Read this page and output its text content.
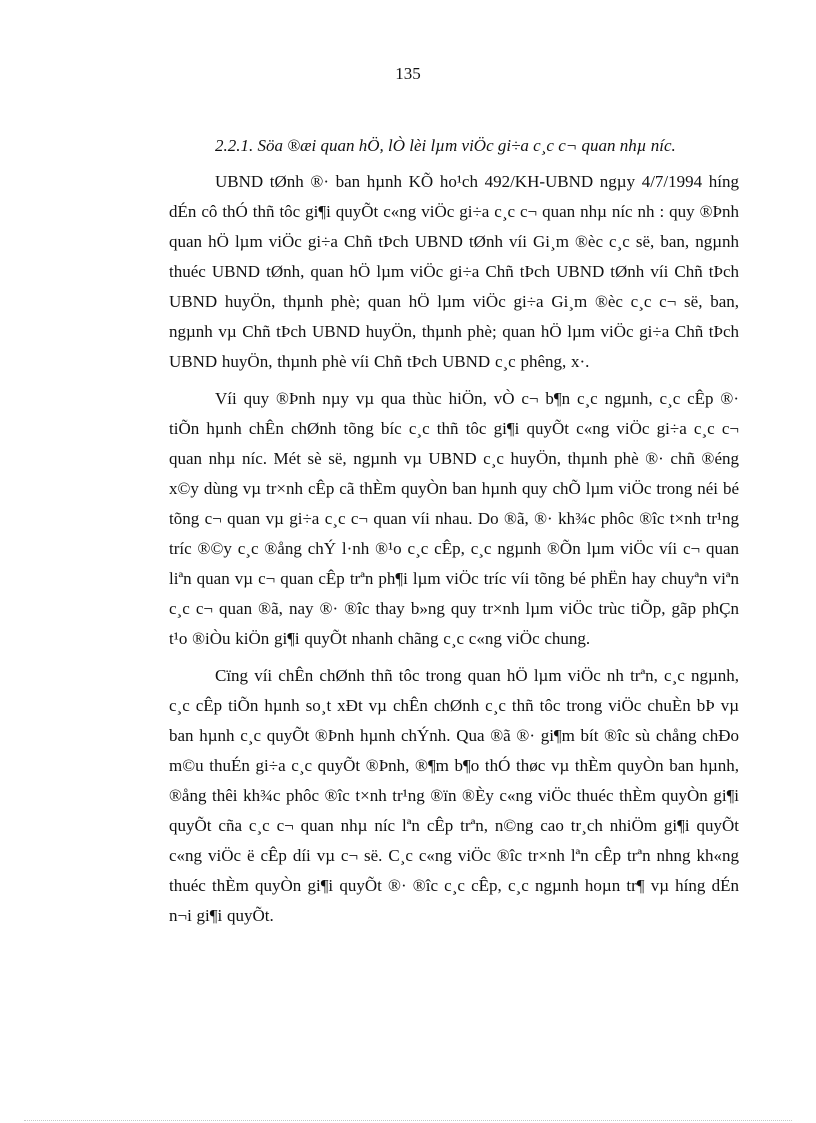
135

2.2.1. Söa ®æi quan hÖ, lÒ lèi lµm viÖc gi÷a c¸c c¬ quan nhµ níc.

UBND tØnh ®· ban hµnh KÕ ho¹ch 492/KH-UBND ngµy 4/7/1994 híng dÉn cô thÓ thñ tôc gi¶i quyÕt c«ng viÖc gi÷a c¸c c¬ quan nhµ níc nh : quy ®Þnh quan hÖ lµm viÖc gi÷a Chñ tÞch UBND tØnh víi Gi¸m ®èc c¸c së, ban, ngµnh thuéc UBND tØnh, quan hÖ lµm viÖc gi÷a Chñ tÞch UBND tØnh víi Chñ tÞch UBND huyÖn, thµnh phè; quan hÖ lµm viÖc gi÷a Gi¸m ®èc c¸c c¬ së, ban, ngµnh vµ Chñ tÞch UBND huyÖn, thµnh phè; quan hÖ lµm viÖc gi÷a Chñ tÞch UBND huyÖn, thµnh phè víi Chñ tÞch UBND c¸c phêng, x·.

Víi quy ®Þnh nµy vµ qua thùc hiÖn, vÒ c¬ b¶n c¸c ngµnh, c¸c cÊp ®· tiÕn hµnh chÊn chØnh tõng bíc c¸c thñ tôc gi¶i quyÕt c«ng viÖc gi÷a c¸c c¬ quan nhµ níc. Mét sè së, ngµnh vµ UBND c¸c huyÖn, thµnh phè ®· chñ ®éng x©y dùng vµ tr×nh cÊp cã thÈm quyÒn ban hµnh quy chÕ lµm viÖc trong néi bé tõng c¬ quan vµ gi÷a c¸c c¬ quan víi nhau. Do ®ã, ®· kh¾c phôc ®îc t×nh tr¹ng tríc ®©y c¸c ®ång chÝ l·nh ®¹o c¸c cÊp, c¸c ngµnh ®Õn lµm viÖc víi c¬ quan liªn quan vµ c¬ quan cÊp trªn ph¶i lµm viÖc tríc víi tõng bé phËn hay chuyªn viªn c¸c c¬ quan ®ã, nay ®· ®îc thay b»ng quy tr×nh lµm viÖc trùc tiÕp, gãp phÇn t¹o ®iÒu kiÖn gi¶i quyÕt nhanh chãng c¸c c«ng viÖc chung.

Cïng víi chÊn chØnh thñ tôc trong quan hÖ lµm viÖc nh trªn, c¸c ngµnh, c¸c cÊp tiÕn hµnh so¸t xÐt vµ chÊn chØnh c¸c thñ tôc trong viÖc chuÈn bÞ vµ ban hµnh c¸c quyÕt ®Þnh hµnh chÝnh. Qua ®ã ®· gi¶m bít ®îc sù chång chÐo m©u thuÉn gi÷a c¸c quyÕt ®Þnh, ®¶m b¶o thÓ thøc vµ thÈm quyÒn ban hµnh, ®ång thêi kh¾c phôc ®îc t×nh tr¹ng ®ïn ®Èy c«ng viÖc thuéc thÈm quyÒn gi¶i quyÕt cña c¸c c¬ quan nhµ níc lªn cÊp trªn, n©ng cao tr¸ch nhiÖm gi¶i quyÕt c«ng viÖc ë cÊp díi vµ c¬ së. C¸c c«ng viÖc ®îc tr×nh lªn cÊp trªn nhng kh«ng thuéc thÈm quyÒn gi¶i quyÕt ®· ®îc c¸c cÊp, c¸c ngµnh hoµn tr¶ vµ híng dÉn n¬i gi¶i quyÕt.
